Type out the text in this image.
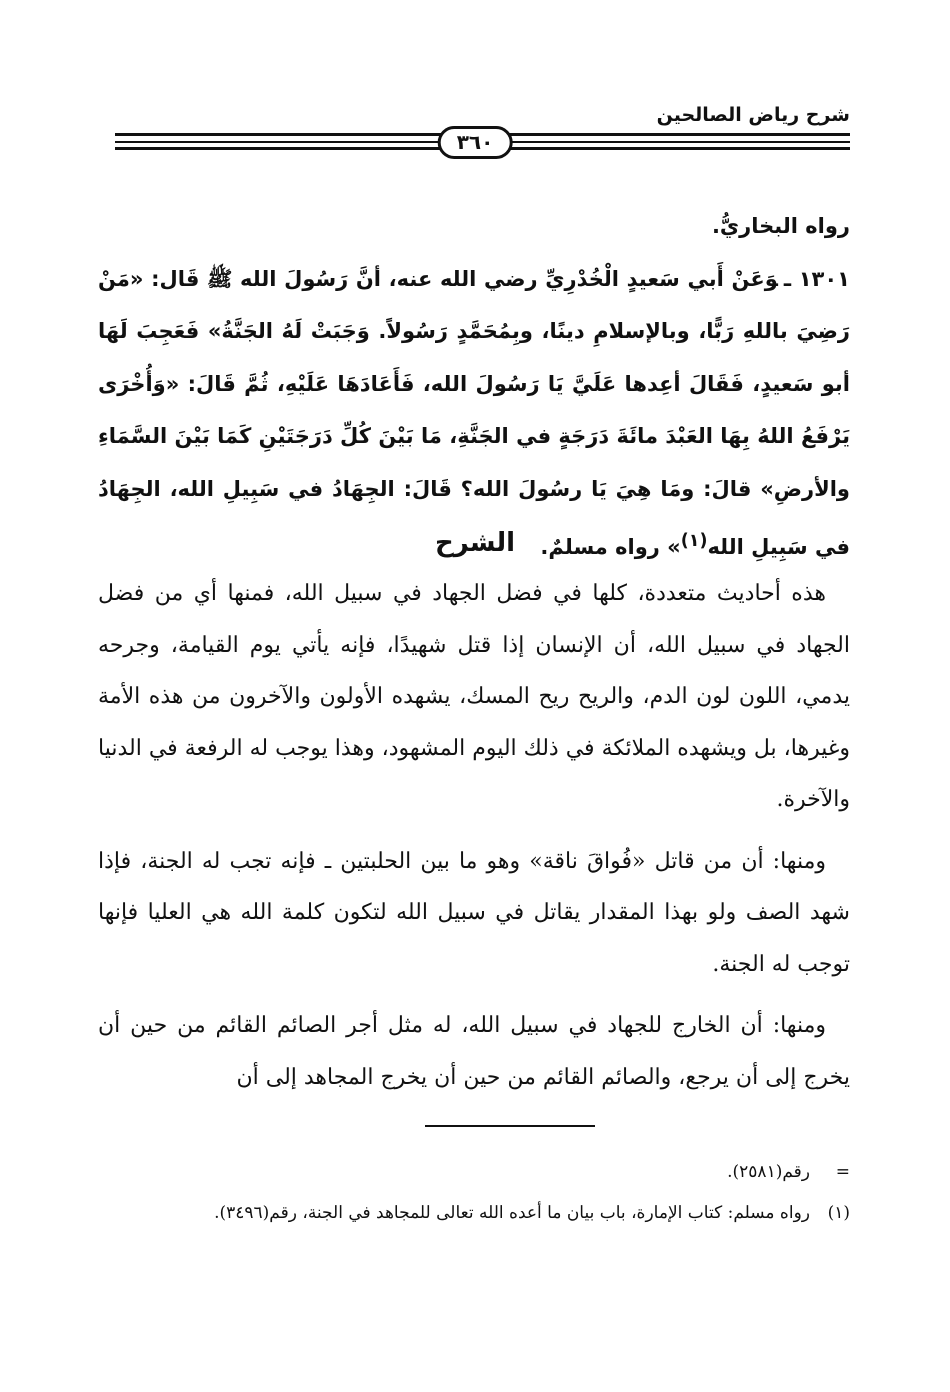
شرح رياض الصالحين
٣٦٠

رواه البخاريُّ.

١٣٠١ ـوَعَنْ أَبي سَعيدٍ الْخُدْرِيِّ رضي الله عنه، أنَّ رَسُولَ الله ﷺ قَال: «مَنْ رَضِيَ باللهِ رَبًّا، وبالإسلامِ دينًا، وبِمُحَمَّدٍ رَسُولاً. وَجَبَتْ لَهُ الجَنَّةُ» فَعَجِبَ لَهَا أبو سَعيدٍ، فَقَالَ أعِدها عَلَيَّ يَا رَسُولَ الله، فَأَعَادَهَا عَلَيْهِ، ثُمَّ قَالَ: «وَأُخْرَى يَرْفَعُ اللهُ بِهَا العَبْدَ مائَةَ دَرَجَةٍ في الجَنَّةِ، مَا بَيْنَ كُلِّ دَرَجَتَيْنِ كَمَا بَيْنَ السَّمَاءِ والأرضِ» قالَ: ومَا هِيَ يَا رسُولَ الله؟ قَالَ: الجِهَادُ في سَبِيلِ الله، الجِهَادُ في سَبِيلِ الله$^{(١)}$» رواه مسلمٌ.

الشرح

هذه أحاديث متعددة، كلها في فضل الجهاد في سبيل الله، فمنها أي من فضل الجهاد في سبيل الله، أن الإنسان إذا قتل شهيدًا، فإنه يأتي يوم القيامة، وجرحه يدمي، اللون لون الدم، والريح ريح المسك، يشهده الأولون والآخرون من هذه الأمة وغيرها، بل ويشهده الملائكة في ذلك اليوم المشهود، وهذا يوجب له الرفعة في الدنيا والآخرة.

ومنها: أن من قاتل «فُواقَ ناقة» وهو ما بين الحلبتين ـ فإنه تجب له الجنة، فإذا شهد الصف ولو بهذا المقدار يقاتل في سبيل الله لتكون كلمة الله هي العليا فإنها توجب له الجنة.

ومنها: أن الخارج للجهاد في سبيل الله، له مثل أجر الصائم القائم من حين أن يخرج إلى أن يرجع، والصائم القائم من حين أن يخرج المجاهد إلى أن

=
رقم(٢٥٨١).
(١)
رواه مسلم: كتاب الإمارة، باب بيان ما أعده الله تعالى للمجاهد في الجنة، رقم(٣٤٩٦).
